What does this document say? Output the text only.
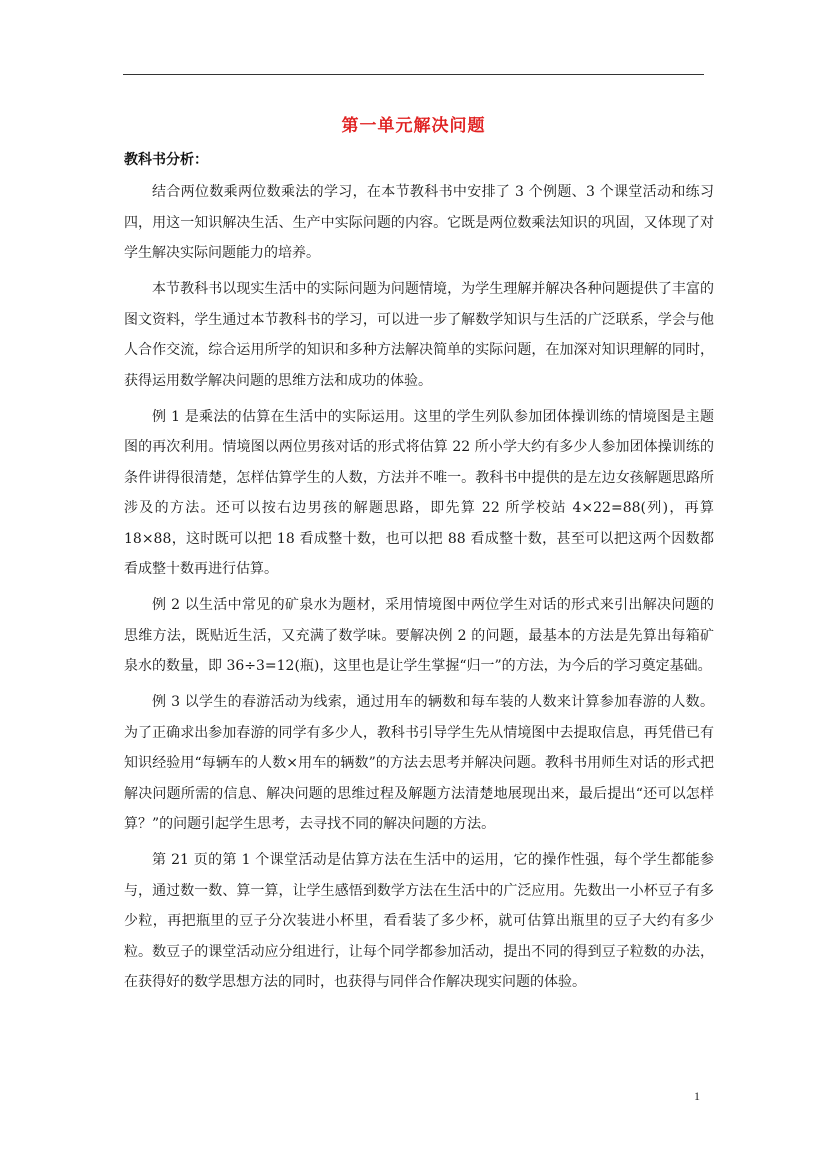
第一单元解决问题
教科书分析：

结合两位数乘两位数乘法的学习，在本节教科书中安排了 3 个例题、3 个课堂活动和练习四，用这一知识解决生活、生产中实际问题的内容。它既是两位数乘法知识的巩固，又体现了对学生解决实际问题能力的培养。

本节教科书以现实生活中的实际问题为问题情境，为学生理解并解决各种问题提供了丰富的图文资料，学生通过本节教科书的学习，可以进一步了解数学知识与生活的广泛联系，学会与他人合作交流，综合运用所学的知识和多种方法解决简单的实际问题，在加深对知识理解的同时，获得运用数学解决问题的思维方法和成功的体验。

例 1 是乘法的估算在生活中的实际运用。这里的学生列队参加团体操训练的情境图是主题图的再次利用。情境图以两位男孩对话的形式将估算 22 所小学大约有多少人参加团体操训练的条件讲得很清楚，怎样估算学生的人数，方法并不唯一。教科书中提供的是左边女孩解题思路所涉及的方法。还可以按右边男孩的解题思路，即先算 22 所学校站 4×22=88(列)，再算 18×88，这时既可以把 18 看成整十数，也可以把 88 看成整十数，甚至可以把这两个因数都看成整十数再进行估算。

例 2 以生活中常见的矿泉水为题材，采用情境图中两位学生对话的形式来引出解决问题的思维方法，既贴近生活，又充满了数学味。要解决例 2 的问题，最基本的方法是先算出每箱矿泉水的数量，即 36÷3=12(瓶)，这里也是让学生掌握“归一”的方法，为今后的学习奠定基础。

例 3 以学生的春游活动为线索，通过用车的辆数和每车装的人数来计算参加春游的人数。为了正确求出参加春游的同学有多少人，教科书引导学生先从情境图中去提取信息，再凭借已有知识经验用“每辆车的人数×用车的辆数”的方法去思考并解决问题。教科书用师生对话的形式把解决问题所需的信息、解决问题的思维过程及解题方法清楚地展现出来，最后提出“还可以怎样算？”的问题引起学生思考，去寻找不同的解决问题的方法。

第 21 页的第 1 个课堂活动是估算方法在生活中的运用，它的操作性强，每个学生都能参与，通过数一数、算一算，让学生感悟到数学方法在生活中的广泛应用。先数出一小杯豆子有多少粒，再把瓶里的豆子分次装进小杯里，看看装了多少杯，就可估算出瓶里的豆子大约有多少粒。数豆子的课堂活动应分组进行，让每个同学都参加活动，提出不同的得到豆子粒数的办法，在获得好的数学思想方法的同时，也获得与同伴合作解决现实问题的体验。

1
